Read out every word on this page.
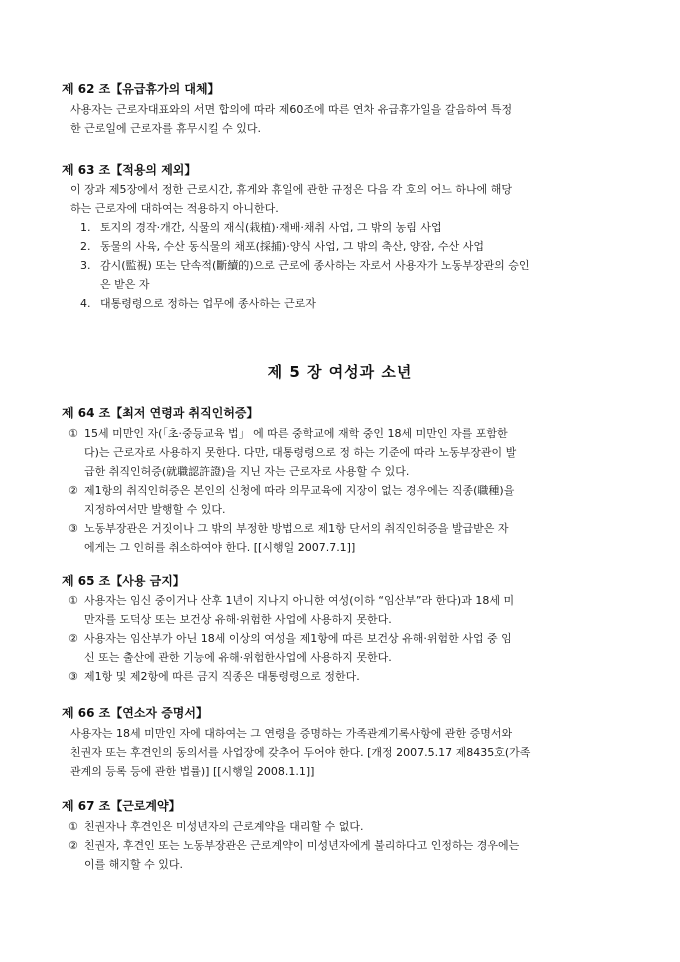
제 62 조【유급휴가의 대체】
사용자는 근로자대표와의 서면 합의에 따라 제60조에 따른 연차 유급휴가일을 갈음하여 특정
한 근로일에 근로자를 휴무시킬 수 있다.
제 63 조【적용의 제외】
이 장과 제5장에서 정한 근로시간, 휴게와 휴일에 관한 규정은 다음 각 호의 어느 하나에 해당
하는 근로자에 대하여는 적용하지 아니한다.
1. 토지의 경작·개간, 식물의 재식(栽植)·재배·채취 사업, 그 밖의 농림 사업
2. 동물의 사육, 수산 동식물의 채포(採捕)·양식 사업, 그 밖의 축산, 양잠, 수산 사업
3. 감시(監視) 또는 단속적(斷續的)으로 근로에 종사하는 자로서 사용자가 노동부장관의 승인
은 받은 자
4. 대통령령으로 정하는 업무에 종사하는 근로자
제 5 장 여성과 소년
제 64 조【최저 연령과 취직인허증】
① 15세 미만인 자(「초·중등교육 법」 에 따른 중학교에 재학 중인 18세 미만인 자를 포함한
다)는 근로자로 사용하지 못한다. 다만, 대통령령으로 정 하는 기준에 따라 노동부장관이 발
급한 취직인허증(就職認許證)을 지닌 자는 근로자로 사용할 수 있다.
② 제1항의 취직인허증은 본인의 신청에 따라 의무교육에 지장이 없는 경우에는 직종(職種)을
지정하여서만 발행할 수 있다.
③ 노동부장관은 거짓이나 그 밖의 부정한 방법으로 제1항 단서의 취직인허증을 발급받은 자
에게는 그 인허를 취소하여야 한다. [[시행일 2007.7.1]]
제 65 조【사용 금지】
① 사용자는 임신 중이거나 산후 1년이 지나지 아니한 여성(이하 “임산부”라 한다)과 18세 미
만자를 도덕상 또는 보건상 유해·위험한 사업에 사용하지 못한다.
② 사용자는 임산부가 아닌 18세 이상의 여성을 제1항에 따른 보건상 유해·위험한 사업 중 임
신 또는 출산에 관한 기능에 유해·위험한사업에 사용하지 못한다.
③ 제1항 및 제2항에 따른 금지 직종은 대통령령으로 정한다.
제 66 조【연소자 증명서】
사용자는 18세 미만인 자에 대하여는 그 연령을 증명하는 가족관계기록사항에 관한 증명서와
친권자 또는 후견인의 동의서를 사업장에 갖추어 두어야 한다. [개정 2007.5.17 제8435호(가족
관계의 등록 등에 관한 법률)] [[시행일 2008.1.1]]
제 67 조【근로계약】
① 친권자나 후견인은 미성년자의 근로계약을 대리할 수 없다.
② 친권자, 후견인 또는 노동부장관은 근로계약이 미성년자에게 불리하다고 인정하는 경우에는
이를 해지할 수 있다.
